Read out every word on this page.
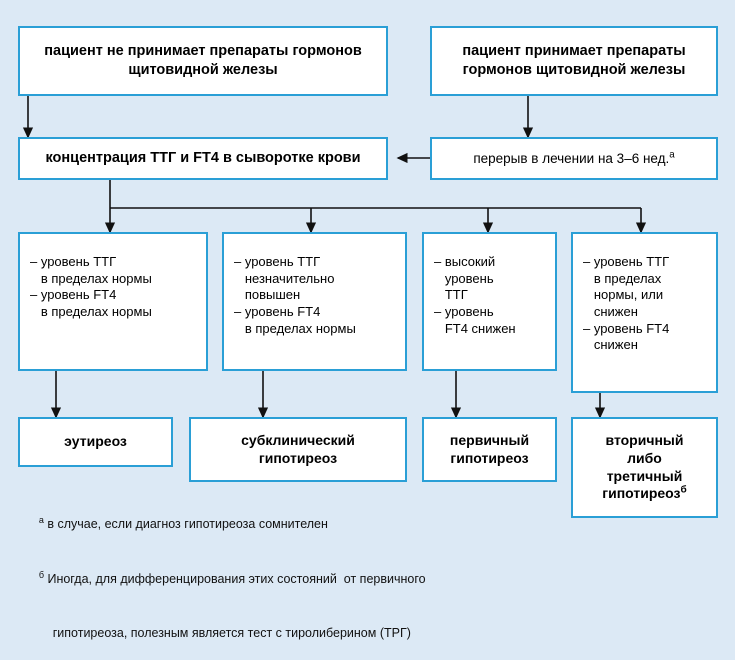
пациент не принимает препараты гормонов щитовидной железы
пациент принимает препараты гормонов щитовидной железы
концентрация ТТГ и FT4 в сыворотке крови	перерыв в лечении на 3–6 нед.$^а$
– уровень ТТГ
в пределах нормы
– уровень FT4
в пределах нормы
– уровень ТТГ
незначительно
повышен
– уровень FT4
в пределах нормы
– высокий
уровень
ТТГ
– уровень
FT4 снижен
– уровень ТТГ
в пределах
нормы, или
снижен
– уровень FT4
снижен
эутиреоз	субклинический
гипотиреоз
первичный
гипотиреоз
вторичный
либо
третичный
гипотиреоз$^б$

$^а$ в случае, если диагноз гипотиреоза сомнителен

$^б$ Иногда, для дифференцирования этих состояний  от первичного

гипотиреоза, полезным является тест с тиролиберином (ТРГ)
